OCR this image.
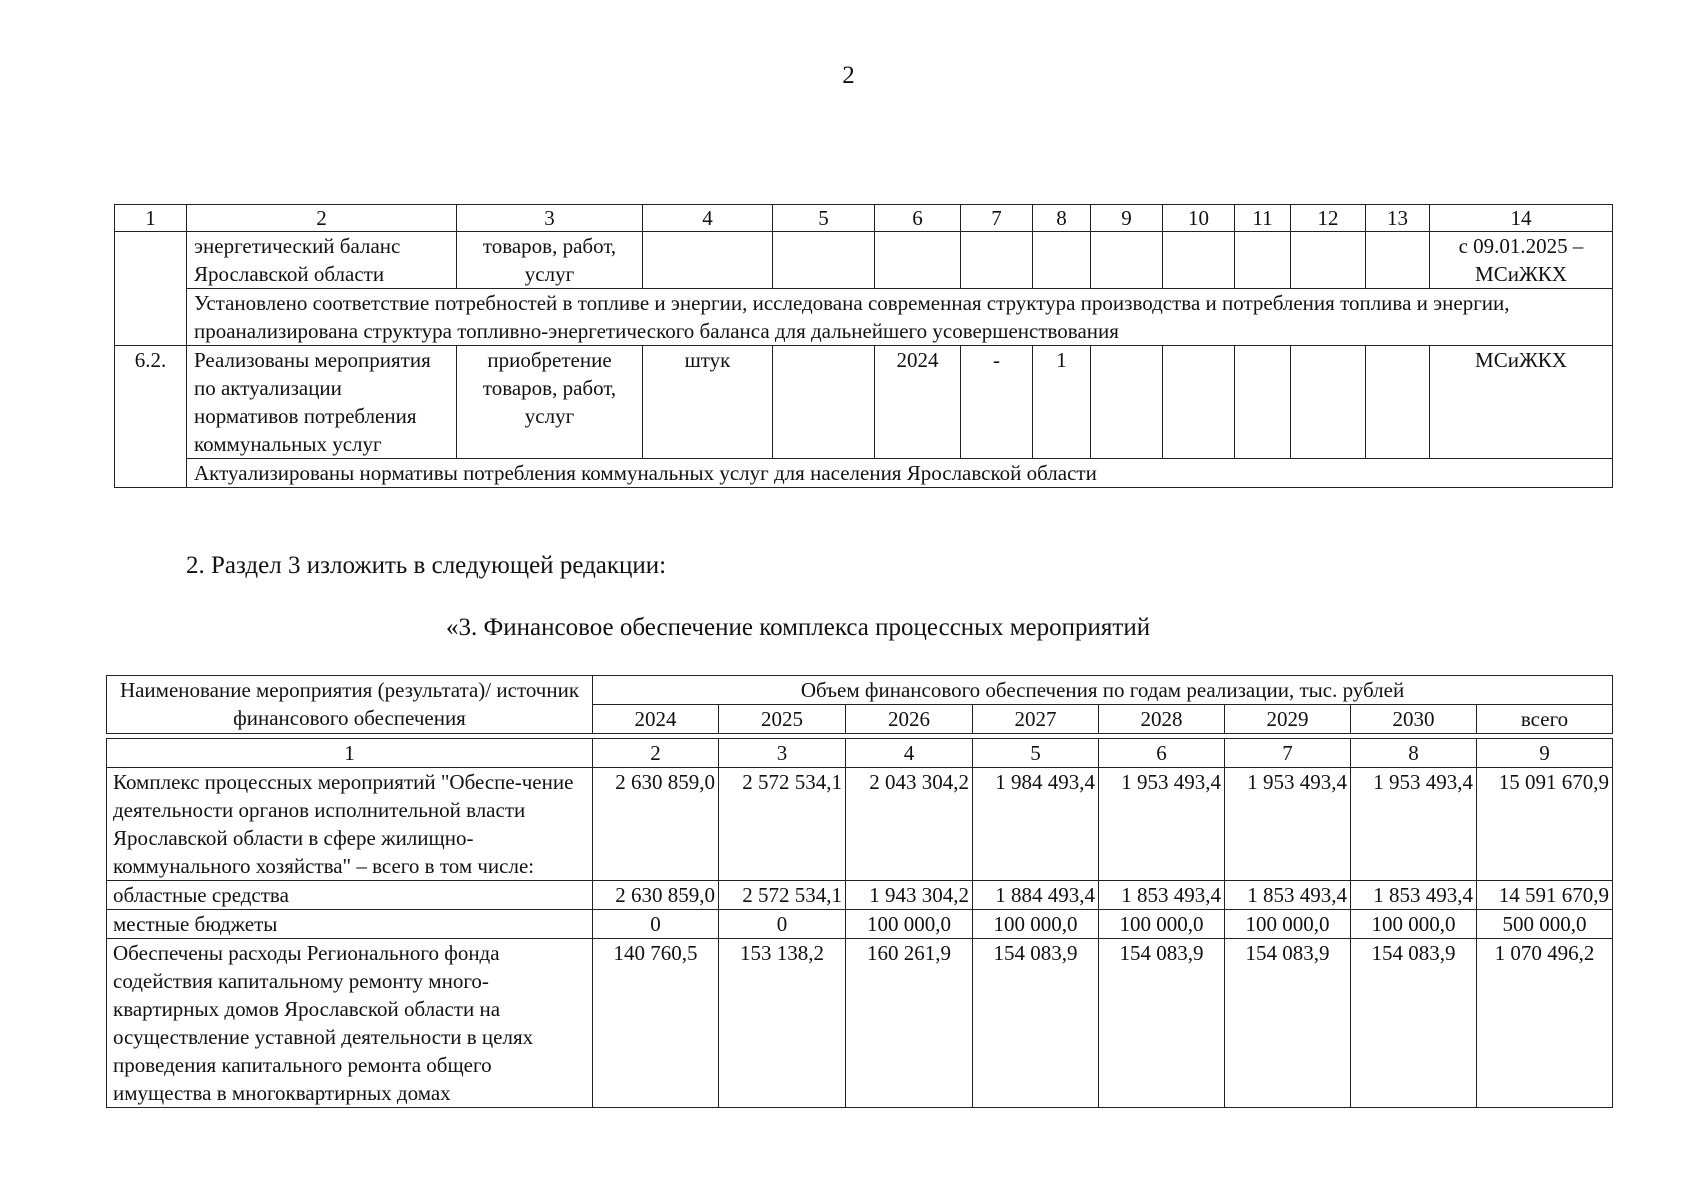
2
1	2	3	4	5	6	7	8	9	10	11	12	13	14
	энергетический баланс Ярославской области	товаров, работ, услуг											с 09.01.2025 – МСиЖКХ
	Установлено соответствие потребностей в топливе и энергии, исследована современная структура производства и потребления топлива и энергии, проанализирована структура топливно-энергетического баланса для дальнейшего усовершенствования												
6.2.	Реализованы мероприятия по актуализации нормативов потребления коммунальных услуг	приобретение товаров, работ, услуг	штук		2024	-	1						МСиЖКХ
	Актуализированы нормативы потребления коммунальных услуг для населения Ярославской области												
2. Раздел 3 изложить в следующей редакции:
«3. Финансовое обеспечение комплекса процессных мероприятий
Наименование мероприятия (результата)/ источник финансового обеспечения	Объем финансового обеспечения по годам реализации, тыс. рублей							
	2024	2025	2026	2027	2028	2029	2030	всего

1	2	3	4	5	6	7	8	9
Комплекс процессных мероприятий "Обеспе-чение деятельности органов исполнительной власти Ярославской области в сфере жилищно-коммунального хозяйства" – всего в том числе:	2 630 859,0	2 572 534,1	2 043 304,2	1 984 493,4	1 953 493,4	1 953 493,4	1 953 493,4	15 091 670,9
областные средства	2 630 859,0	2 572 534,1	1 943 304,2	1 884 493,4	1 853 493,4	1 853 493,4	1 853 493,4	14 591 670,9
местные бюджеты	0	0	100 000,0	100 000,0	100 000,0	100 000,0	100 000,0	500 000,0
Обеспечены расходы Регионального фонда содействия капитальному ремонту много-квартирных домов Ярославской области на осуществление уставной деятельности в целях проведения капитального ремонта общего имущества в многоквартирных домах	140 760,5	153 138,2	160 261,9	154 083,9	154 083,9	154 083,9	154 083,9	1 070 496,2
